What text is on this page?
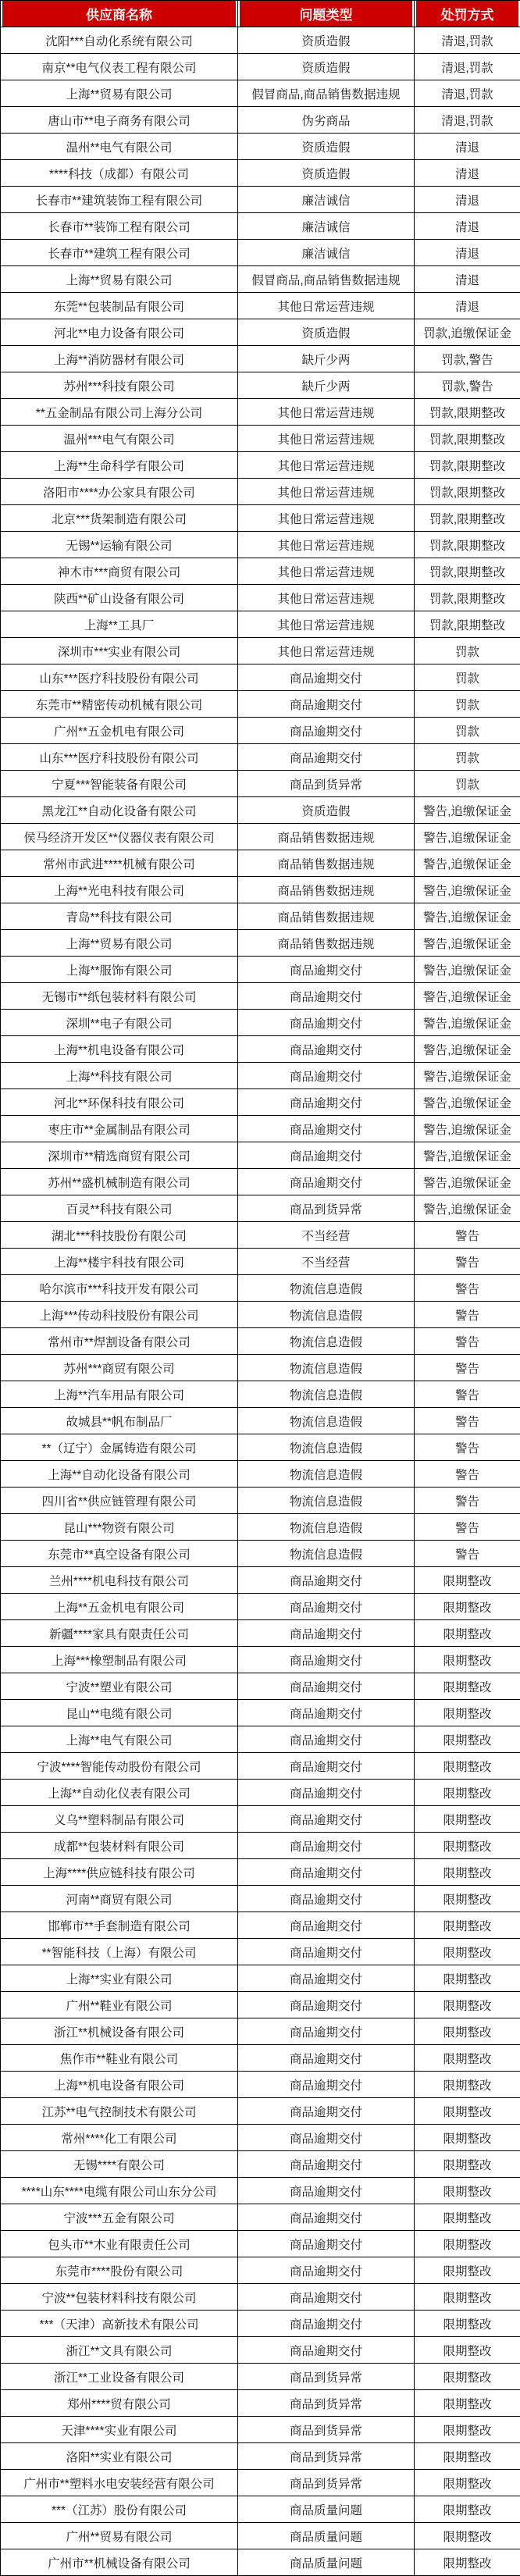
供应商名称	问题类型	处罚方式

沈阳***自动化系统有限公司	资质造假	清退,罚款
南京**电气仪表工程有限公司	资质造假	清退,罚款
上海**贸易有限公司	假冒商品,商品销售数据违规	清退,罚款
唐山市**电子商务有限公司	伪劣商品	清退,罚款
温州**电气有限公司	资质造假	清退
****科技（成都）有限公司	资质造假	清退
长春市**建筑装饰工程有限公司	廉洁诚信	清退
长春市**装饰工程有限公司	廉洁诚信	清退
长春市**建筑工程有限公司	廉洁诚信	清退
上海**贸易有限公司	假冒商品,商品销售数据违规	清退
东莞**包装制品有限公司	其他日常运营违规	清退
河北**电力设备有限公司	资质造假	罚款,追缴保证金
上海**消防器材有限公司	缺斤少两	罚款,警告
苏州***科技有限公司	缺斤少两	罚款,警告
**五金制品有限公司上海分公司	其他日常运营违规	罚款,限期整改
温州***电气有限公司	其他日常运营违规	罚款,限期整改
上海**生命科学有限公司	其他日常运营违规	罚款,限期整改
洛阳市****办公家具有限公司	其他日常运营违规	罚款,限期整改
北京***货架制造有限公司	其他日常运营违规	罚款,限期整改
无锡**运输有限公司	其他日常运营违规	罚款,限期整改
神木市***商贸有限公司	其他日常运营违规	罚款,限期整改
陕西**矿山设备有限公司	其他日常运营违规	罚款,限期整改
上海**工具厂	其他日常运营违规	罚款,限期整改
深圳市***实业有限公司	其他日常运营违规	罚款
山东***医疗科技股份有限公司	商品逾期交付	罚款
东莞市**精密传动机械有限公司	商品逾期交付	罚款
广州**五金机电有限公司	商品逾期交付	罚款
山东***医疗科技股份有限公司	商品逾期交付	罚款
宁夏***智能装备有限公司	商品到货异常	罚款
黑龙江**自动化设备有限公司	资质造假	警告,追缴保证金
侯马经济开发区**仪器仪表有限公司	商品销售数据违规	警告,追缴保证金
常州市武进****机械有限公司	商品销售数据违规	警告,追缴保证金
上海**光电科技有限公司	商品销售数据违规	警告,追缴保证金
青岛**科技有限公司	商品销售数据违规	警告,追缴保证金
上海**贸易有限公司	商品销售数据违规	警告,追缴保证金
上海**服饰有限公司	商品逾期交付	警告,追缴保证金
无锡市**纸包装材料有限公司	商品逾期交付	警告,追缴保证金
深圳**电子有限公司	商品逾期交付	警告,追缴保证金
上海**机电设备有限公司	商品逾期交付	警告,追缴保证金
上海**科技有限公司	商品逾期交付	警告,追缴保证金
河北**环保科技有限公司	商品逾期交付	警告,追缴保证金
枣庄市**金属制品有限公司	商品逾期交付	警告,追缴保证金
深圳市**精选商贸有限公司	商品逾期交付	警告,追缴保证金
苏州**盛机械制造有限公司	商品逾期交付	警告,追缴保证金
百灵**科技有限公司	商品到货异常	警告,追缴保证金
湖北***科技股份有限公司	不当经营	警告
上海**楼宇科技有限公司	不当经营	警告
哈尔滨市***科技开发有限公司	物流信息造假	警告
上海***传动科技股份有限公司	物流信息造假	警告
常州市**焊割设备有限公司	物流信息造假	警告
苏州***商贸有限公司	物流信息造假	警告
上海**汽车用品有限公司	物流信息造假	警告
故城县**帆布制品厂	物流信息造假	警告
**（辽宁）金属铸造有限公司	物流信息造假	警告
上海**自动化设备有限公司	物流信息造假	警告
四川省**供应链管理有限公司	物流信息造假	警告
昆山***物资有限公司	物流信息造假	警告
东莞市**真空设备有限公司	物流信息造假	警告
兰州****机电科技有限公司	商品逾期交付	限期整改
上海**五金机电有限公司	商品逾期交付	限期整改
新疆****家具有限责任公司	商品逾期交付	限期整改
上海***橡塑制品有限公司	商品逾期交付	限期整改
宁波**塑业有限公司	商品逾期交付	限期整改
昆山**电缆有限公司	商品逾期交付	限期整改
上海**电气有限公司	商品逾期交付	限期整改
宁波****智能传动股份有限公司	商品逾期交付	限期整改
上海**自动化仪表有限公司	商品逾期交付	限期整改
义乌**塑料制品有限公司	商品逾期交付	限期整改
成都**包装材料有限公司	商品逾期交付	限期整改
上海****供应链科技有限公司	商品逾期交付	限期整改
河南**商贸有限公司	商品逾期交付	限期整改
邯郸市**手套制造有限公司	商品逾期交付	限期整改
**智能科技（上海）有限公司	商品逾期交付	限期整改
上海**实业有限公司	商品逾期交付	限期整改
广州**鞋业有限公司	商品逾期交付	限期整改
浙江**机械设备有限公司	商品逾期交付	限期整改
焦作市**鞋业有限公司	商品逾期交付	限期整改
上海**机电设备有限公司	商品逾期交付	限期整改
江苏**电气控制技术有限公司	商品逾期交付	限期整改
常州****化工有限公司	商品逾期交付	限期整改
无锡****有限公司	商品逾期交付	限期整改
****山东****电缆有限公司山东分公司	商品逾期交付	限期整改
宁波***五金有限公司	商品逾期交付	限期整改
包头市**木业有限责任公司	商品逾期交付	限期整改
东莞市****股份有限公司	商品逾期交付	限期整改
宁波**包装材料科技有限公司	商品逾期交付	限期整改
***（天津）高新技术有限公司	商品逾期交付	限期整改
浙江**文具有限公司	商品逾期交付	限期整改
浙江**工业设备有限公司	商品到货异常	限期整改
郑州****贸有限公司	商品到货异常	限期整改
天津****实业有限公司	商品到货异常	限期整改
洛阳**实业有限公司	商品到货异常	限期整改
广州市**塑料水电安装经营有限公司	商品到货异常	限期整改
***（江苏）股份有限公司	商品质量问题	限期整改
广州**贸易有限公司	商品质量问题	限期整改
广州市**机械设备有限公司	商品质量问题	限期整改
